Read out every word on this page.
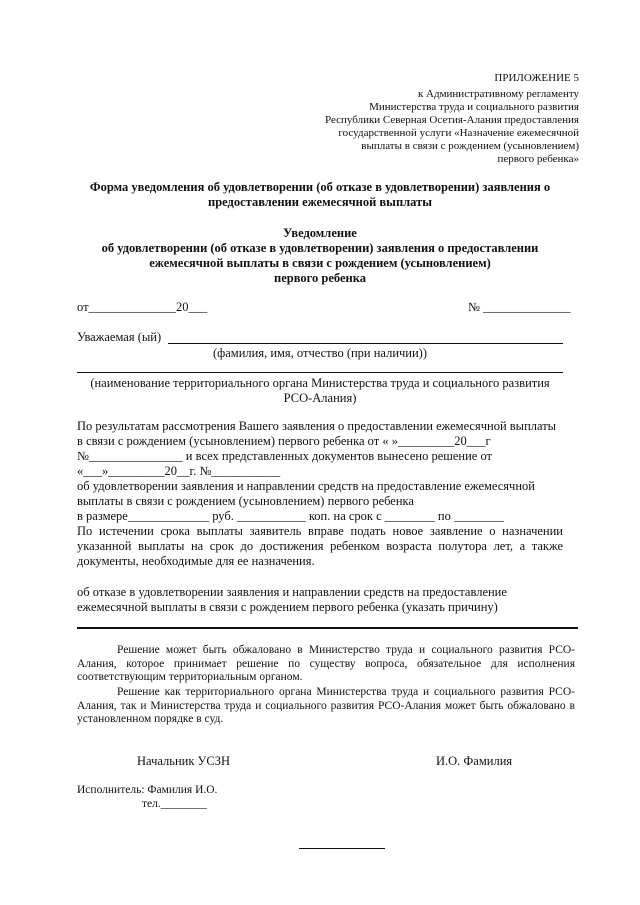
ПРИЛОЖЕНИЕ 5
к Административному регламенту
Министерства труда и социального развития
Республики Северная Осетия-Алания предоставления
государственной услуги «Назначение ежемесячной
выплаты в связи с рождением (усыновлением)
первого ребенка»
Форма уведомления об удовлетворении (об отказе в удовлетворении) заявления о
предоставлении ежемесячной выплаты
Уведомление
об удовлетворении (об отказе в удовлетворении) заявления о предоставлении
ежемесячной выплаты в связи с рождением (усыновлением)
первого ребенка
от______________20___	№ ______________
Уважаемая (ый)
(фамилия, имя, отчество (при наличии))
(наименование территориального органа Министерства труда и социального развития
РСО-Алания)
По результатам рассмотрения Вашего заявления о предоставлении ежемесячной выплаты
в связи с рождением (усыновлением) первого ребенка от « »_________20___г
№_______________ и всех представленных документов вынесено решение от
«___»_________20__г. №___________
об удовлетворении заявления и направлении средств на предоставление ежемесячной
выплаты в связи с рождением (усыновлением) первого ребенка
в размере_____________ руб. ___________ коп. на срок с ________ по ________
По истечении срока выплаты заявитель вправе подать новое заявление о назначении указанной выплаты на срок до достижения ребенком возраста полутора лет, а также документы, необходимые для ее назначения.
об отказе в удовлетворении заявления и направлении средств на предоставление
ежемесячной выплаты в связи с рождением первого ребенка (указать причину)
Решение может быть обжаловано в Министерство труда и социального развития РСО-Алания, которое принимает решение по существу вопроса, обязательное для исполнения соответствующим территориальным органом.
Решение как территориального органа Министерства труда и социального развития РСО-Алания, так и Министерства труда и социального развития РСО-Алания может быть обжаловано в установленном порядке в суд.
Начальник УСЗН	И.О. Фамилия
Исполнитель: Фамилия И.О.
тел.________
